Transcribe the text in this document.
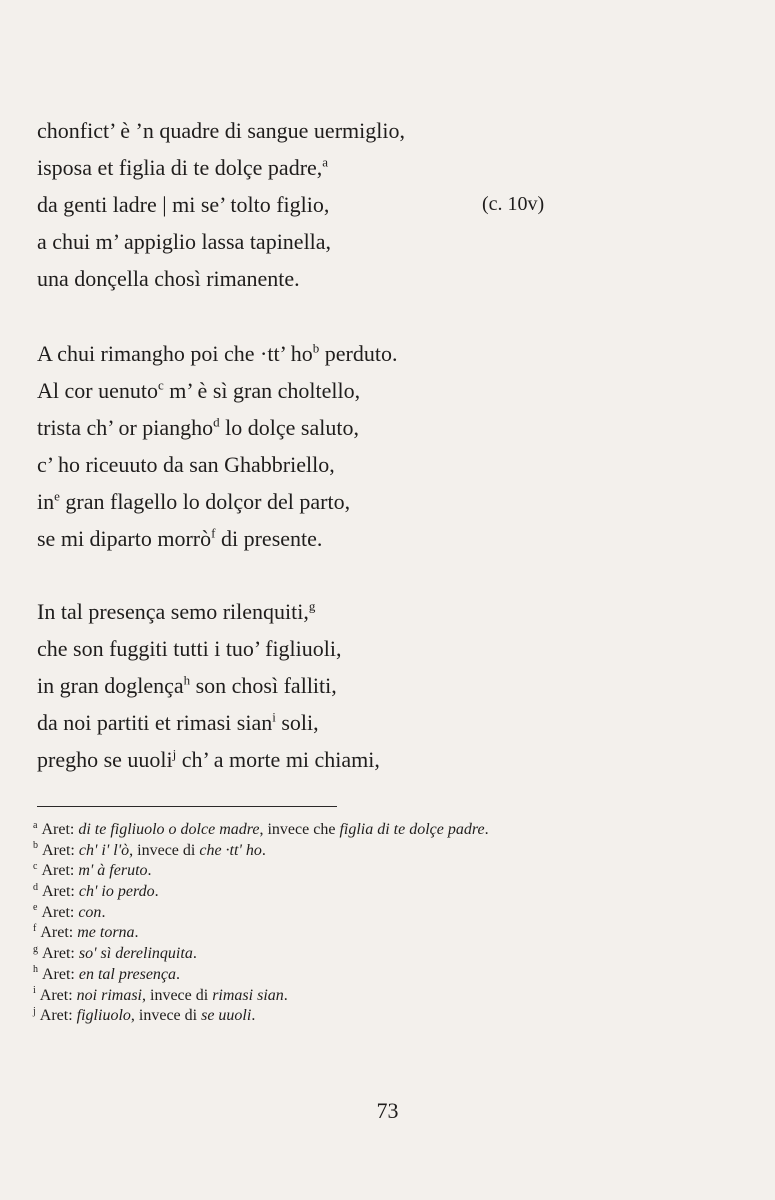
chonfict’ è ’n quadre di sangue uermiglio,
isposa et figlia di te dolçe padre,$^a$
da genti ladre | mi se’ tolto figlio,	(c. 10v)
a chui m’ appiglio lassa tapinella,
una donçella chosì rimanente.
A chui rimangho poi che ·tt’ $ho^b$ perduto.
Al cor uenuto$^c$ m’ è sì gran choltello,
trista ch’ or piangho$^d$ lo dolçe saluto,
c’ ho riceuuto da san Ghabbriello,
$in^e$ gran flagello lo dolçor del parto,
se mi diparto morrò$^f$ di presente.
In tal presença semo rilenquiti,$^g$
che son fuggiti tutti i tuo’ figliuoli,
in gran doglença$^h$ son chosì falliti,
da noi partiti et rimasi sian$^i$ soli,
pregho se uuoli$^j$ ch’ a morte mi chiami,
$^a$ Aret: di te figliuolo o dolce madre, invece che figlia di te dolçe padre.
$^b$ Aret: ch' i' l'ò, invece di che ·tt' ho.
$^c$ Aret: m' à feruto.
$^d$ Aret: ch' io perdo.
$^e$ Aret: con.
$^f$ Aret: me torna.
$^g$ Aret: so' sì derelinquita.
$^h$ Aret: en tal presença.
$^i$ Aret: noi rimasi, invece di rimasi sian.
$^j$ Aret: figliuolo, invece di se uuoli.
73
